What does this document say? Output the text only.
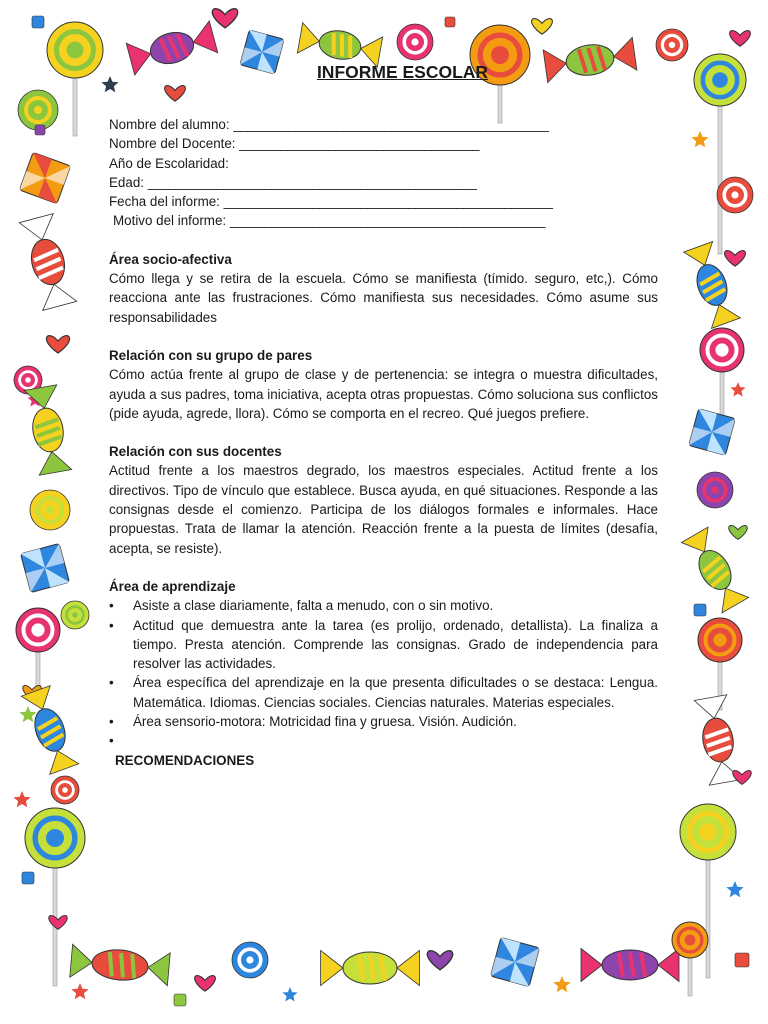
INFORME ESCOLAR
Nombre del alumno: ______________________________________________
Nombre del Docente: ___________________________________
Año de Escolaridad:
Edad: ________________________________________________
Fecha del informe: ________________________________________________
Motivo del informe: ______________________________________________
Área socio-afectiva

Cómo llega y se retira de la escuela. Cómo se manifiesta (tímido. seguro, etc,). Cómo reacciona ante las frustraciones. Cómo manifiesta sus necesidades. Cómo asume sus responsabilidades

Relación con su grupo de pares

Cómo actúa frente al grupo de clase y de pertenencia: se integra o muestra dificultades, ayuda a sus padres, toma iniciativa, acepta otras propuestas. Cómo soluciona sus conflictos (pide ayuda, agrede, llora). Cómo se comporta en el recreo. Qué juegos prefiere.

Relación con sus docentes

Actitud frente a los maestros degrado, los maestros especiales. Actitud frente a los directivos. Tipo de vínculo que establece. Busca ayuda, en qué situaciones. Responde a las consignas desde el comienzo. Participa de los diálogos formales e informales. Hace propuestas. Trata de llamar la atención. Reacción frente a la puesta de límites (desafía, acepta, se resiste).

Área de aprendizaje
• Asiste a clase diariamente, falta a menudo, con o sin motivo.
• Actitud que demuestra ante la tarea (es prolijo, ordenado, detallista). La finaliza a tiempo. Presta atención. Comprende las consignas. Grado de independencia para resolver las actividades.
• Área específica del aprendizaje en la que presenta dificultades o se destaca: Lengua. Matemática. Idiomas. Ciencias sociales. Ciencias naturales. Materias especiales.
• Área sensorio-motora: Motricidad fina y gruesa. Visión. Audición.
•

RECOMENDACIONES
